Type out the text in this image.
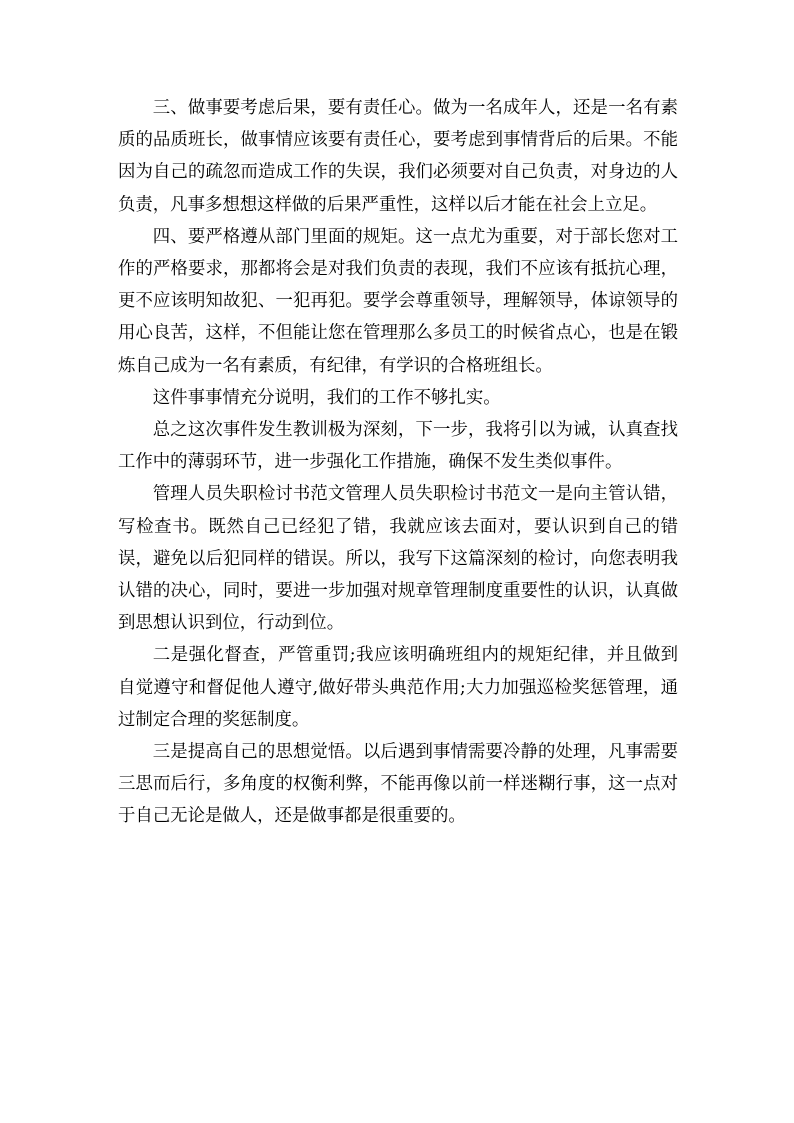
三、做事要考虑后果，要有责任心。做为一名成年人，还是一名有素质的品质班长，做事情应该要有责任心，要考虑到事情背后的后果。不能因为自己的疏忽而造成工作的失误，我们必须要对自己负责，对身边的人负责，凡事多想想这样做的后果严重性，这样以后才能在社会上立足。

四、要严格遵从部门里面的规矩。这一点尤为重要，对于部长您对工作的严格要求，那都将会是对我们负责的表现，我们不应该有抵抗心理，更不应该明知故犯、一犯再犯。要学会尊重领导，理解领导，体谅领导的用心良苦，这样，不但能让您在管理那么多员工的时候省点心，也是在锻炼自己成为一名有素质，有纪律，有学识的合格班组长。

这件事事情充分说明，我们的工作不够扎实。

总之这次事件发生教训极为深刻，下一步，我将引以为诫，认真查找工作中的薄弱环节，进一步强化工作措施，确保不发生类似事件。

管理人员失职检讨书范文管理人员失职检讨书范文一是向主管认错，写检查书。既然自己已经犯了错，我就应该去面对，要认识到自己的错误，避免以后犯同样的错误。所以，我写下这篇深刻的检讨，向您表明我认错的决心，同时，要进一步加强对规章管理制度重要性的认识，认真做到思想认识到位，行动到位。

二是强化督查，严管重罚;我应该明确班组内的规矩纪律，并且做到自觉遵守和督促他人遵守,做好带头典范作用;大力加强巡检奖惩管理，通过制定合理的奖惩制度。

三是提高自己的思想觉悟。以后遇到事情需要冷静的处理，凡事需要三思而后行，多角度的权衡利弊，不能再像以前一样迷糊行事，这一点对于自己无论是做人，还是做事都是很重要的。
